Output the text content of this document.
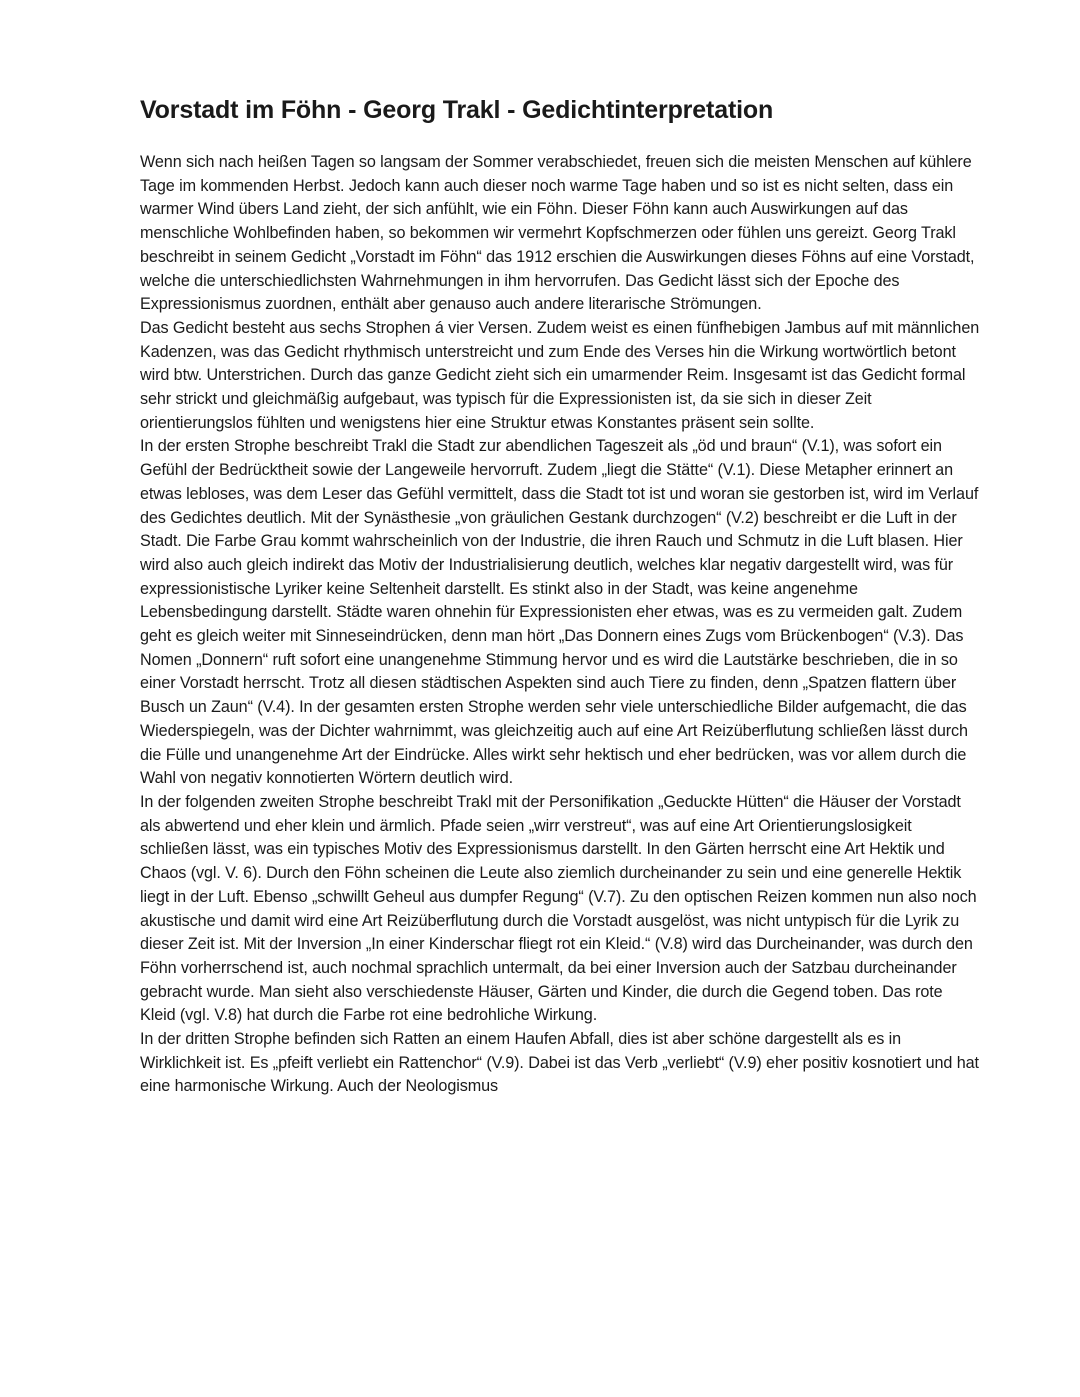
Vorstadt im Föhn - Georg Trakl - Gedichtinterpretation

Wenn sich nach heißen Tagen so langsam der Sommer verabschiedet, freuen sich die meisten Menschen auf kühlere Tage im kommenden Herbst. Jedoch kann auch dieser noch warme Tage haben und so ist es nicht selten, dass ein warmer Wind übers Land zieht, der sich anfühlt, wie ein Föhn. Dieser Föhn kann auch Auswirkungen auf das menschliche Wohlbefinden haben, so bekommen wir vermehrt Kopfschmerzen oder fühlen uns gereizt. Georg Trakl beschreibt in seinem Gedicht „Vorstadt im Föhn“ das 1912 erschien die Auswirkungen dieses Föhns auf eine Vorstadt, welche die unterschiedlichsten Wahrnehmungen in ihm hervorrufen. Das Gedicht lässt sich der Epoche des Expressionismus zuordnen, enthält aber genauso auch andere literarische Strömungen.

Das Gedicht besteht aus sechs Strophen á vier Versen. Zudem weist es einen fünfhebigen Jambus auf mit männlichen Kadenzen, was das Gedicht rhythmisch unterstreicht und zum Ende des Verses hin die Wirkung wortwörtlich betont wird btw. Unterstrichen. Durch das ganze Gedicht zieht sich ein umarmender Reim. Insgesamt ist das Gedicht formal sehr strickt und gleichmäßig aufgebaut, was typisch für die Expressionisten ist, da sie sich in dieser Zeit orientierungslos fühlten und wenigstens hier eine Struktur etwas Konstantes präsent sein sollte.

In der ersten Strophe beschreibt Trakl die Stadt zur abendlichen Tageszeit als „öd und braun“ (V.1), was sofort ein Gefühl der Bedrücktheit sowie der Langeweile hervorruft. Zudem „liegt die Stätte“ (V.1). Diese Metapher erinnert an etwas lebloses, was dem Leser das Gefühl vermittelt, dass die Stadt tot ist und woran sie gestorben ist, wird im Verlauf des Gedichtes deutlich. Mit der Synästhesie „von gräulichen Gestank durchzogen“ (V.2) beschreibt er die Luft in der Stadt. Die Farbe Grau kommt wahrscheinlich von der Industrie, die ihren Rauch und Schmutz in die Luft blasen. Hier wird also auch gleich indirekt das Motiv der Industrialisierung deutlich, welches klar negativ dargestellt wird, was für expressionistische Lyriker keine Seltenheit darstellt. Es stinkt also in der Stadt, was keine angenehme Lebensbedingung darstellt. Städte waren ohnehin für Expressionisten eher etwas, was es zu vermeiden galt. Zudem geht es gleich weiter mit Sinneseindrücken, denn man hört „Das Donnern eines Zugs vom Brückenbogen“ (V.3). Das Nomen „Donnern“ ruft sofort eine unangenehme Stimmung hervor und es wird die Lautstärke beschrieben, die in so einer Vorstadt herrscht. Trotz all diesen städtischen Aspekten sind auch Tiere zu finden, denn „Spatzen flattern über Busch un Zaun“ (V.4). In der gesamten ersten Strophe werden sehr viele unterschiedliche Bilder aufgemacht, die das Wiederspiegeln, was der Dichter wahrnimmt, was gleichzeitig auch auf eine Art Reizüberflutung schließen lässt durch die Fülle und unangenehme Art der Eindrücke. Alles wirkt sehr hektisch und eher bedrücken, was vor allem durch die Wahl von negativ konnotierten Wörtern deutlich wird.

In der folgenden zweiten Strophe beschreibt Trakl mit der Personifikation „Geduckte Hütten“ die Häuser der Vorstadt als abwertend und eher klein und ärmlich. Pfade seien „wirr verstreut“, was auf eine Art Orientierungslosigkeit schließen lässt, was ein typisches Motiv des Expressionismus darstellt. In den Gärten herrscht eine Art Hektik und Chaos (vgl. V. 6). Durch den Föhn scheinen die Leute also ziemlich durcheinander zu sein und eine generelle Hektik liegt in der Luft. Ebenso „schwillt Geheul aus dumpfer Regung“ (V.7). Zu den optischen Reizen kommen nun also noch akustische und damit wird eine Art Reizüberflutung durch die Vorstadt ausgelöst, was nicht untypisch für die Lyrik zu dieser Zeit ist. Mit der Inversion „In einer Kinderschar fliegt rot ein Kleid.“ (V.8) wird das Durcheinander, was durch den Föhn vorherrschend ist, auch nochmal sprachlich untermalt, da bei einer Inversion auch der Satzbau durcheinander gebracht wurde. Man sieht also verschiedenste Häuser, Gärten und Kinder, die durch die Gegend toben. Das rote Kleid (vgl. V.8) hat durch die Farbe rot eine bedrohliche Wirkung.

In der dritten Strophe befinden sich Ratten an einem Haufen Abfall, dies ist aber schöne dargestellt als es in Wirklichkeit ist. Es „pfeift verliebt ein Rattenchor“ (V.9). Dabei ist das Verb „verliebt“ (V.9) eher positiv kosnotiert und hat eine harmonische Wirkung. Auch der Neologismus
